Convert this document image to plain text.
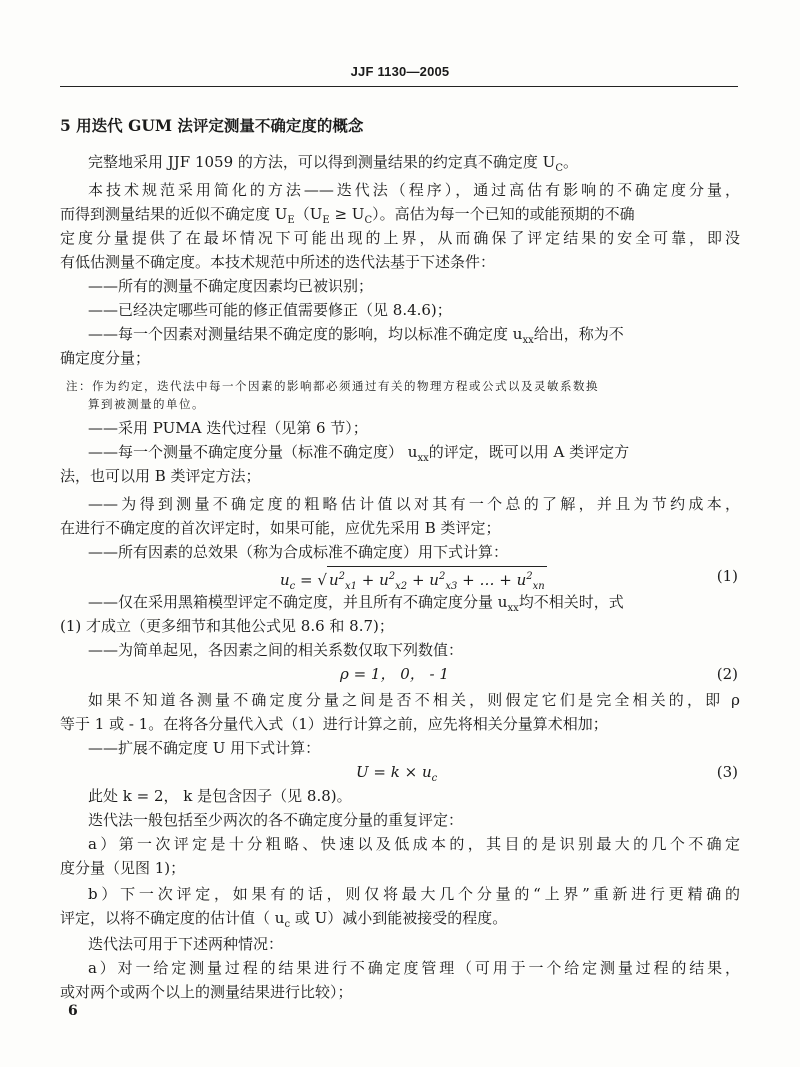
JJF 1130—2005
5 用迭代 GUM 法评定测量不确定度的概念
完整地采用 JJF 1059 的方法，可以得到测量结果的约定真不确定度 $U_C$。
本技术规范采用简化的方法——迭代法（程序），通过高估有影响的不确定度分量，
而得到测量结果的近似不确定度 $U_E(U_E \ge U_C)$。高估为每一个已知的或能预期的不确
定度分量提供了在最坏情况下可能出现的上界，从而确保了评定结果的安全可靠，即没
有低估测量不确定度。本技术规范中所述的迭代法基于下述条件：
——所有的测量不确定度因素均已被识别；
——已经决定哪些可能的修正值需要修正（见 8.4.6)；
——每一个因素对测量结果不确定度的影响，均以标准不确定度 $u_{xx}$给出，称为不
确定度分量；
注：作为约定，迭代法中每一个因素的影响都必须通过有关的物理方程或公式以及灵敏系数换
算到被测量的单位。
——采用 PUMA 迭代过程（见第 6 节）；
——每一个测量不确定度分量（标准不确定度） $u_{xx}$的评定，既可以用 A 类评定方
法，也可以用 B 类评定方法；
——为得到测量不确定度的粗略估计值以对其有一个总的了解，并且为节约成本，
在进行不确定度的首次评定时，如果可能，应优先采用 B 类评定；
——所有因素的总效果（称为合成标准不确定度）用下式计算：
$u_c$ = √ $u^2_{x1} + u^2_{x2} + u^2_{x3}$ + … + $u^2_{xn}$
(1)
——仅在采用黑箱模型评定不确定度，并且所有不确定度分量 $u_{xx}$均不相关时，式
(1) 才成立（更多细节和其他公式见 8.6 和 8.7)；
——为简单起见，各因素之间的相关系数仅取下列数值：
ρ = 1， 0， - 1	(2)
如果不知道各测量不确定度分量之间是否不相关，则假定它们是完全相关的，即 ρ
等于 1 或 - 1。在将各分量代入式（1）进行计算之前，应先将相关分量算术相加；
——扩展不确定度 U 用下式计算：
$U = k \times u_c$	(3)
此处 k = 2， k 是包含因子（见 8.8)。
迭代法一般包括至少两次的各不确定度分量的重复评定：
a）第一次评定是十分粗略、快速以及低成本的，其目的是识别最大的几个不确定
度分量（见图 1)；
b）下一次评定，如果有的话，则仅将最大几个分量的“上界”重新进行更精确的
评定，以将不确定度的估计值（ $u_c$ 或 U）减小到能被接受的程度。
迭代法可用于下述两种情况：
a）对一给定测量过程的结果进行不确定度管理（可用于一个给定测量过程的结果，
或对两个或两个以上的测量结果进行比较）；
6
